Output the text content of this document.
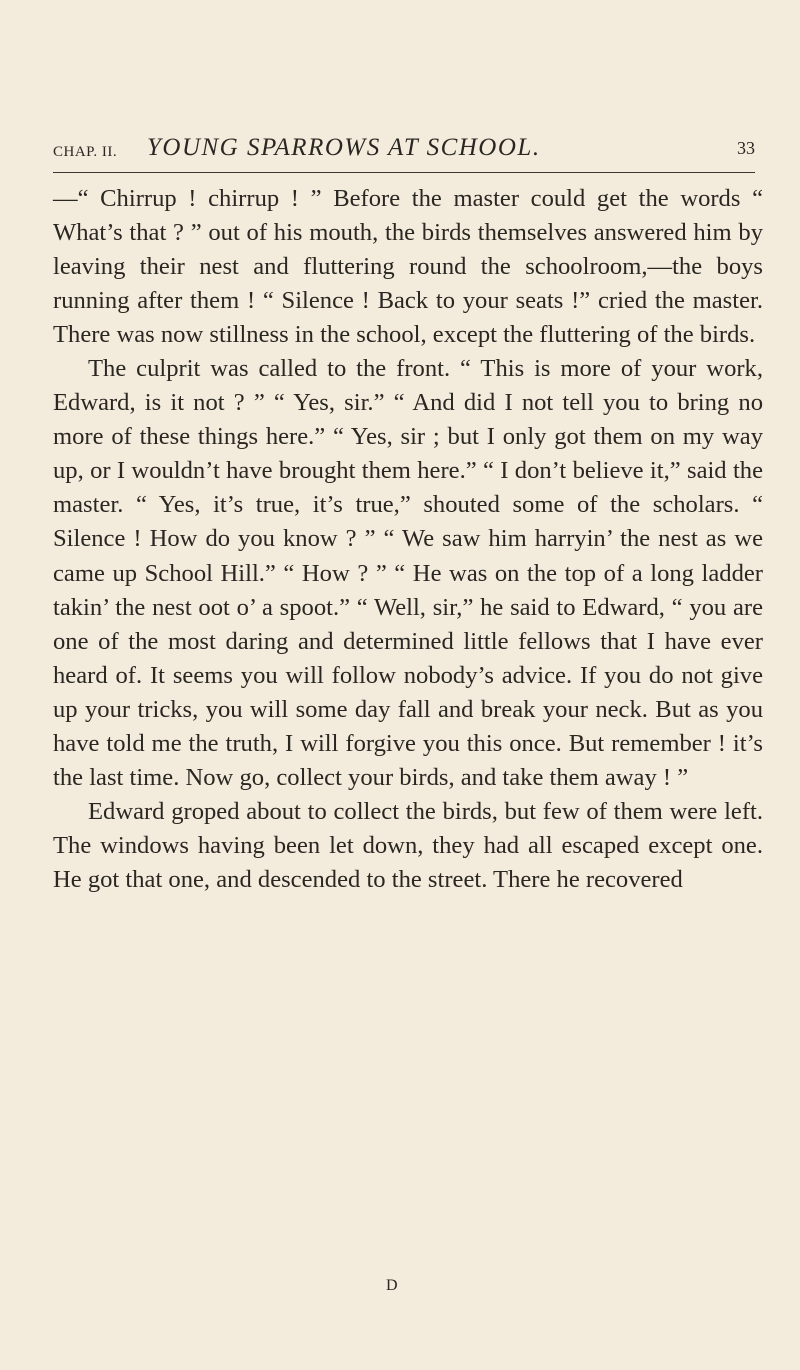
CHAP. II. YOUNG SPARROWS AT SCHOOL.	33

—“ Chirrup ! chirrup ! ” Before the master could get the words “ What’s that ? ” out of his mouth, the birds themselves answered him by leaving their nest and fluttering round the schoolroom,—the boys running after them ! “ Silence ! Back to your seats !” cried the master. There was now stillness in the school, except the fluttering of the birds.

The culprit was called to the front. “ This is more of your work, Edward, is it not ? ” “ Yes, sir.” “ And did I not tell you to bring no more of these things here.” “ Yes, sir ; but I only got them on my way up, or I wouldn’t have brought them here.” “ I don’t believe it,” said the master. “ Yes, it’s true, it’s true,” shouted some of the scholars. “ Silence ! How do you know ? ” “ We saw him harryin’ the nest as we came up School Hill.” “ How ? ” “ He was on the top of a long ladder takin’ the nest oot o’ a spoot.” “ Well, sir,” he said to Edward, “ you are one of the most daring and determined little fellows that I have ever heard of. It seems you will follow nobody’s advice. If you do not give up your tricks, you will some day fall and break your neck. But as you have told me the truth, I will forgive you this once. But remember ! it’s the last time. Now go, collect your birds, and take them away ! ”

Edward groped about to collect the birds, but few of them were left. The windows having been let down, they had all escaped except one. He got that one, and descended to the street. There he recovered

D
